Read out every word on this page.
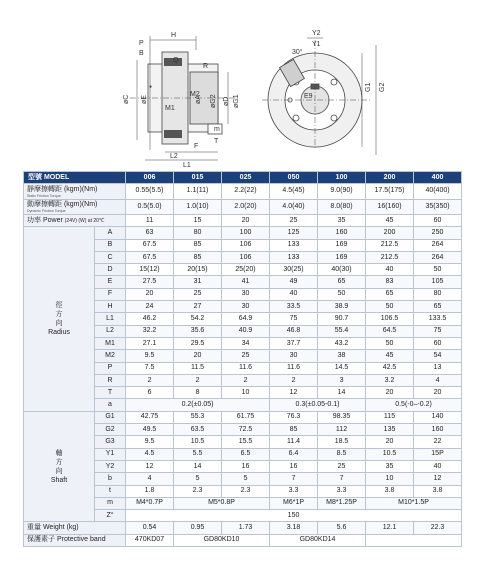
H
P
B
Q
M1
M2
R
øC øE	øA	øD
øG2 øG1
m
T
L2
L1
F
●
Y2
Y1
30°
E9
G1 G2
型號 MODEL		006	015	025	050	100	200	400

靜摩擦轉距 (kgm)(Nm)
Static Friction Torque		0.55(5.5)	1.1(11)	2.2(22)	4.5(45)	9.0(90)	17.5(175)	40(400)

動摩擦轉距 (kgm)(Nm)
Dynamic Friction Torque		0.5(5.0)	1.0(10)	2.0(20)	4.0(40)	8.0(80)	16(160)	35(350)
功率 Power (24V) (W) at 20℃		11	15	20	25	35	45	60
徑方向
Radius	A	63	80	100	125	160	200	250
	B	67.5	85	106	133	169	212.5	264
	C	67.5	85	106	133	169	212.5	264
	D	15(12)	20(15)	25(20)	30(25)	40(30)	40	50
	E	27.5	31	41	49	65	83	105
	F	20	25	30	40	50	65	80
	H	24	27	30	33.5	38.9	50	65
	L1	46.2	54.2	64.9	75	90.7	106.5	133.5
	L2	32.2	35.6	40.9	46.8	55.4	64.5	75
	M1	27.1	29.5	34	37.7	43.2	50	60
	M2	9.5	20	25	30	38	45	54
	P	7.5	11.5	11.6	11.6	14.5	42.5	13
	R	2	2	2	2	3	3.2	4
	T	6	8	10	12	14	20	20
	a	0.2(±0.05)			0.3(±0.05-0.1)		0.5(-0–-0.2)	
軸方向
Shaft	G1	42.75	55.3	61.75	76.3	98.35	115	140
	G2	49.5	63.5	72.5	85	112	135	160
	G3	9.5	10.5	15.5	11.4	18.5	20	22
	Y1	4.5	5.5	6.5	6.4	8.5	10.5	15P
	Y2	12	14	16	16	25	35	40
	b	4	5	5	7	7	10	12
	t	1.8	2.3	2.3	3.3	3.3	3.8	3.8
	m	M4*0.7P	M5*0.8P		M6*1P	M8*1.25P	M10*1.5P	
	Z°	150						
重量 Weight (kg)		0.54	0.95	1.73	3.18	5.6	12.1	22.3
保護素子 Protective band		470KD07	GD80KD10		GD80KD14			
